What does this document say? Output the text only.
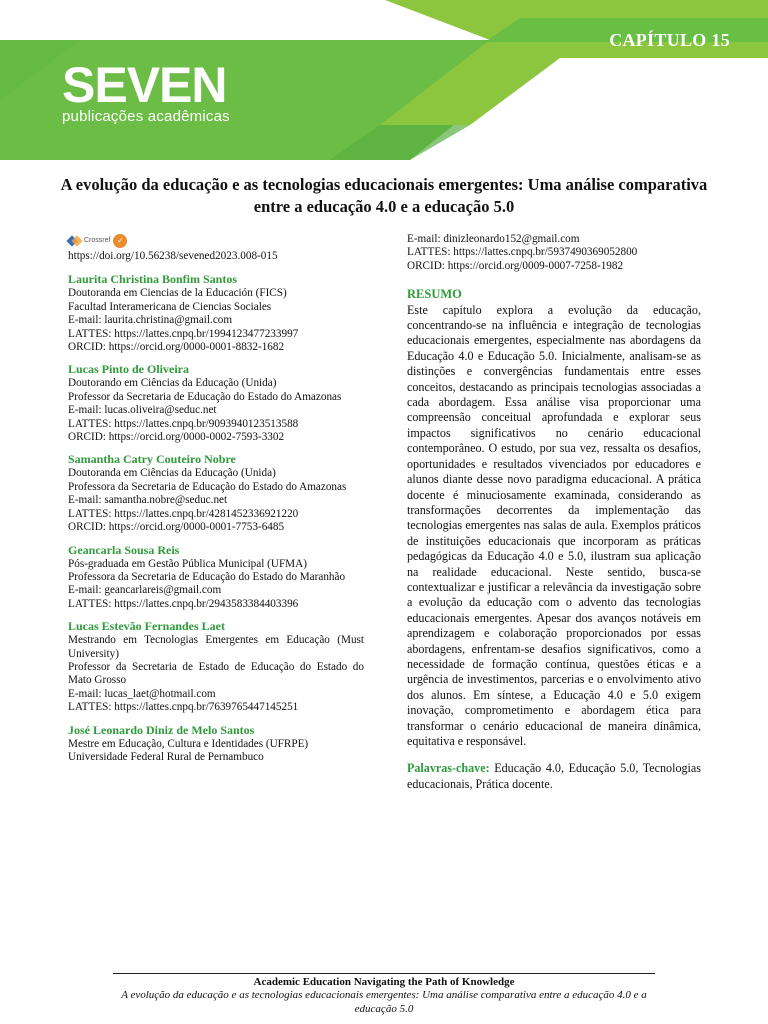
CAPÍTULO 15
SEVEN
publicações acadêmicas
A evolução da educação e as tecnologias educacionais emergentes: Uma análise comparativa entre a educação 4.0 e a educação 5.0
Crossref ✓
https://doi.org/10.56238/sevened2023.008-015
Laurita Christina Bonfim Santos
Doutoranda em Ciencias de la Educación (FICS)
Facultad Interamericana de Ciencias Sociales
E-mail: laurita.christina@gmail.com
LATTES: https://lattes.cnpq.br/1994123477233997
ORCID: https://orcid.org/0000-0001-8832-1682
Lucas Pinto de Oliveira
Doutorando em Ciências da Educação (Unida)
Professor da Secretaria de Educação do Estado do Amazonas
E-mail: lucas.oliveira@seduc.net
LATTES: https://lattes.cnpq.br/9093940123513588
ORCID: https://orcid.org/0000-0002-7593-3302
Samantha Catry Couteiro Nobre
Doutoranda em Ciências da Educação (Unida)
Professora da Secretaria de Educação do Estado do Amazonas
E-mail: samantha.nobre@seduc.net
LATTES: https://lattes.cnpq.br/4281452336921220
ORCID: https://orcid.org/0000-0001-7753-6485
Geancarla Sousa Reis
Pós-graduada em Gestão Pública Municipal (UFMA)
Professora da Secretaria de Educação do Estado do Maranhão
E-mail: geancarlareis@gmail.com
LATTES: https://lattes.cnpq.br/2943583384403396
Lucas Estevão Fernandes Laet
Mestrando em Tecnologias Emergentes em Educação (Must University)
Professor da Secretaria de Estado de Educação do Estado do Mato Grosso
E-mail: lucas_laet@hotmail.com
LATTES: https://lattes.cnpq.br/7639765447145251
José Leonardo Diniz de Melo Santos
Mestre em Educação, Cultura e Identidades (UFRPE)
Universidade Federal Rural de Pernambuco
E-mail: dinizleonardo152@gmail.com
LATTES: https://lattes.cnpq.br/5937490369052800
ORCID: https://orcid.org/0009-0007-7258-1982
RESUMO
Este capítulo explora a evolução da educação, concentrando-se na influência e integração de tecnologias educacionais emergentes, especialmente nas abordagens da Educação 4.0 e Educação 5.0. Inicialmente, analisam-se as distinções e convergências fundamentais entre esses conceitos, destacando as principais tecnologias associadas a cada abordagem. Essa análise visa proporcionar uma compreensão conceitual aprofundada e explorar seus impactos significativos no cenário educacional contemporâneo. O estudo, por sua vez, ressalta os desafios, oportunidades e resultados vivenciados por educadores e alunos diante desse novo paradigma educacional. A prática docente é minuciosamente examinada, considerando as transformações decorrentes da implementação das tecnologias emergentes nas salas de aula. Exemplos práticos de instituições educacionais que incorporam as práticas pedagógicas da Educação 4.0 e 5.0, ilustram sua aplicação na realidade educacional. Neste sentido, busca-se contextualizar e justificar a relevância da investigação sobre a evolução da educação com o advento das tecnologias educacionais emergentes. Apesar dos avanços notáveis em aprendizagem e colaboração proporcionados por essas abordagens, enfrentam-se desafios significativos, como a necessidade de formação contínua, questões éticas e a urgência de investimentos, parcerias e o envolvimento ativo dos alunos. Em síntese, a Educação 4.0 e 5.0 exigem inovação, comprometimento e abordagem ética para transformar o cenário educacional de maneira dinâmica, equitativa e responsável.
Palavras-chave: Educação 4.0, Educação 5.0, Tecnologias educacionais, Prática docente.
Academic Education Navigating the Path of Knowledge
A evolução da educação e as tecnologias educacionais emergentes: Uma análise comparativa entre a educação 4.0 e a educação 5.0
